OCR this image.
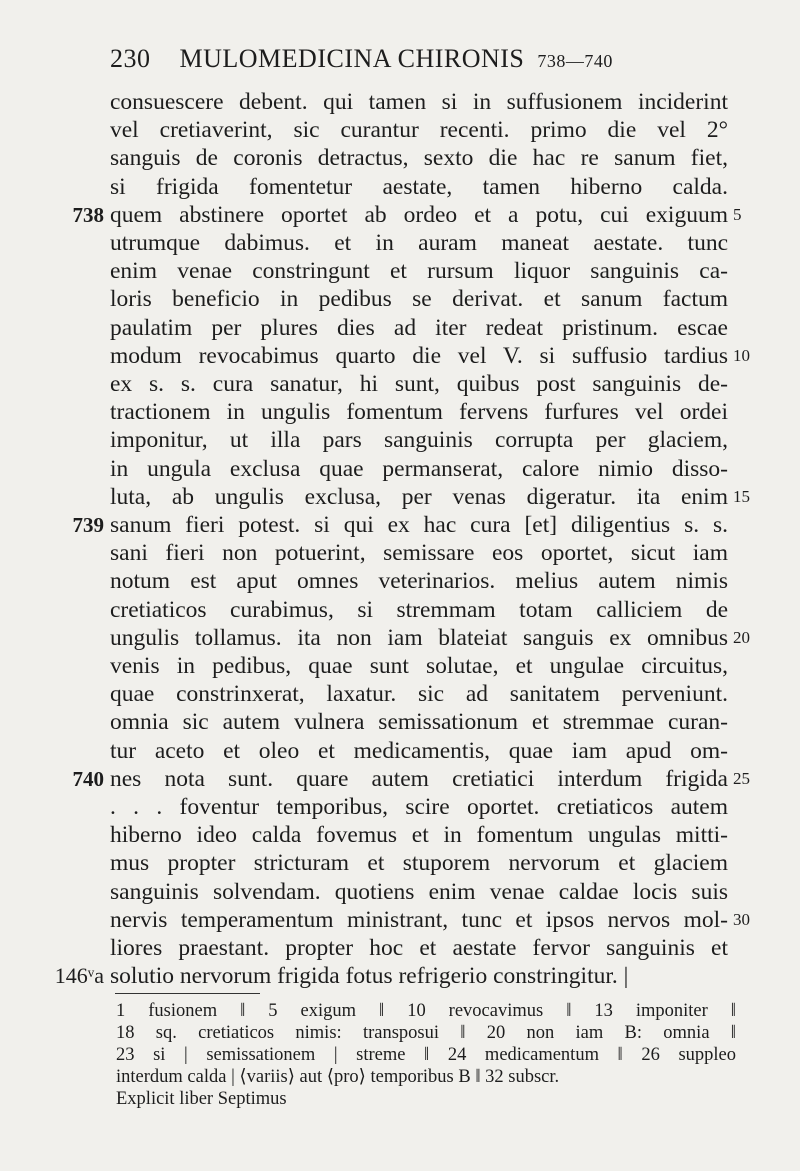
230 MULOMEDICINA CHIRONIS 738—740
consuescere debent. qui tamen si in suffusionem inciderint
vel cretiaverint, sic curantur recenti. primo die vel 2°
sanguis de coronis detractus, sexto die hac re sanum fiet,
si frigida fomentetur aestate, tamen hiberno calda.
quem abstinere oportet ab ordeo et a potu, cui exiguum
738	5
utrumque dabimus. et in auram maneat aestate. tunc
enim venae constringunt et rursum liquor sanguinis ca-
loris beneficio in pedibus se derivat. et sanum factum
paulatim per plures dies ad iter redeat pristinum. escae
modum revocabimus quarto die vel V. si suffusio tardius 10
ex s. s. cura sanatur, hi sunt, quibus post sanguinis de-
tractionem in ungulis fomentum fervens furfures vel ordei
imponitur, ut illa pars sanguinis corrupta per glaciem,
in ungula exclusa quae permanserat, calore nimio disso-
luta, ab ungulis exclusa, per venas digeratur. ita enim 15
sanum fieri potest. si qui ex hac cura [et] diligentius s. s.
739
sani fieri non potuerint, semissare eos oportet, sicut iam
notum est aput omnes veterinarios. melius autem nimis
cretiaticos curabimus, si stremmam totam calliciem de
ungulis tollamus. ita non iam blateiat sanguis ex omnibus 20
venis in pedibus, quae sunt solutae, et ungulae circuitus,
quae constrinxerat, laxatur. sic ad sanitatem perveniunt.
omnia sic autem vulnera semissationum et stremmae curan-
tur aceto et oleo et medicamentis, quae iam apud om-
nes nota sunt. quare autem cretiatici interdum frigida
740	25
. . . foventur temporibus, scire oportet. cretiaticos autem
hiberno ideo calda fovemus et in fomentum ungulas mitti-
mus propter stricturam et stuporem nervorum et glaciem
sanguinis solvendam. quotiens enim venae caldae locis suis
nervis temperamentum ministrant, tunc et ipsos nervos mol- 30
liores praestant. propter hoc et aestate fervor sanguinis et
solutio nervorum frigida fotus refrigerio constringitur. |
146ᵛa
1 fusionem ‖ 5 exigum ‖ 10 revocavimus ‖ 13 imponiter ‖
18 sq. cretiaticos nimis: transposui ‖ 20 non iam B: omnia ‖
23 si | semissationem | streme ‖ 24 medicamentum ‖ 26 suppleo
interdum calda | ⟨variis⟩ aut ⟨pro⟩ temporibus B ‖ 32 subscr.
Explicit liber Septimus
